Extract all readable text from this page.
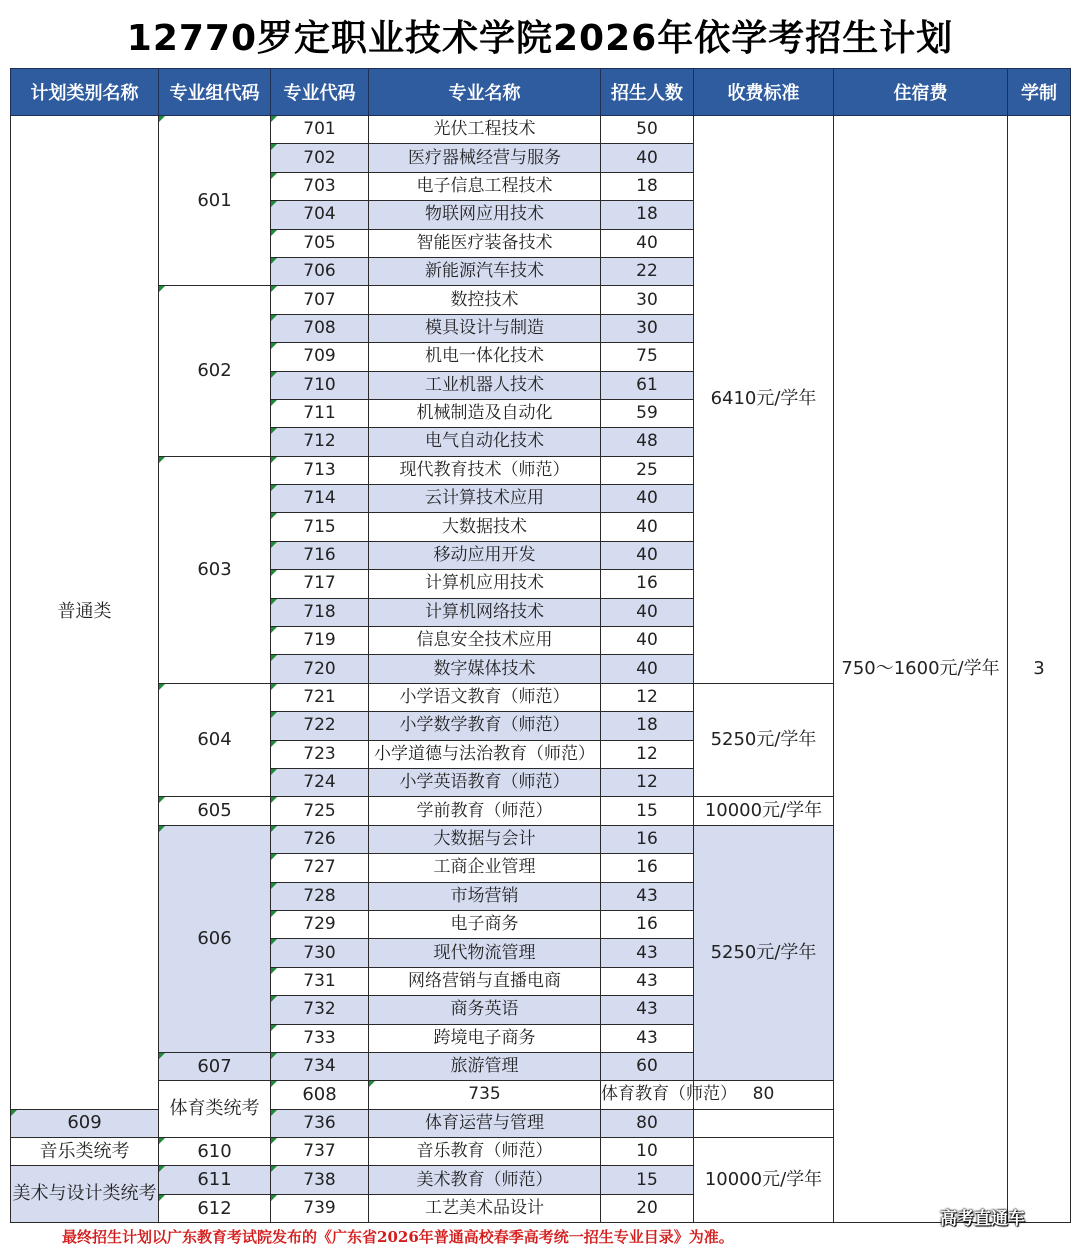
12770罗定职业技术学院2026年依学考招生计划
计划类别名称	专业组代码	专业代码	专业名称	招生人数	收费标准	住宿费	学制	
普通类	601	701	光伏工程技术	50	6410元/学年	750～1600元/学年	3	
		702	医疗器械经营与服务	40				
		703	电子信息工程技术	18				
		704	物联网应用技术	18				
		705	智能医疗装备技术	40				
		706	新能源汽车技术	22				
	602	707	数控技术	30				
		708	模具设计与制造	30				
		709	机电一体化技术	75				
		710	工业机器人技术	61				
		711	机械制造及自动化	59				
		712	电气自动化技术	48				
	603	713	现代教育技术（师范）	25				
		714	云计算技术应用	40				
		715	大数据技术	40				
		716	移动应用开发	40				
		717	计算机应用技术	16				
		718	计算机网络技术	40				
		719	信息安全技术应用	40				
		720	数字媒体技术	40				
	604	721	小学语文教育（师范）	12	5250元/学年			
		722	小学数学教育（师范）	18				
		723	小学道德与法治教育（师范）	12				
		724	小学英语教育（师范）	12				
	605	725	学前教育（师范）	15	10000元/学年			
	606	726	大数据与会计	16	5250元/学年			
		727	工商企业管理	16				
		728	市场营销	43				
		729	电子商务	16				
		730	现代物流管理	43				
		731	网络营销与直播电商	43				
		732	商务英语	43				
		733	跨境电子商务	43				
	607	734	旅游管理	60				
	体育类统考	608	735	体育教育（师范）	80	
609		736	体育运营与管理	80				
音乐类统考	610	737	音乐教育（师范）	10	10000元/学年			
美术与设计类统考	611	738	美术教育（师范）	15				
	612	739	工艺美术品设计	20				
最终招生计划以广东教育考试院发布的《广东省2026年普通高校春季高考统一招生专业目录》为准。
高考直通车
